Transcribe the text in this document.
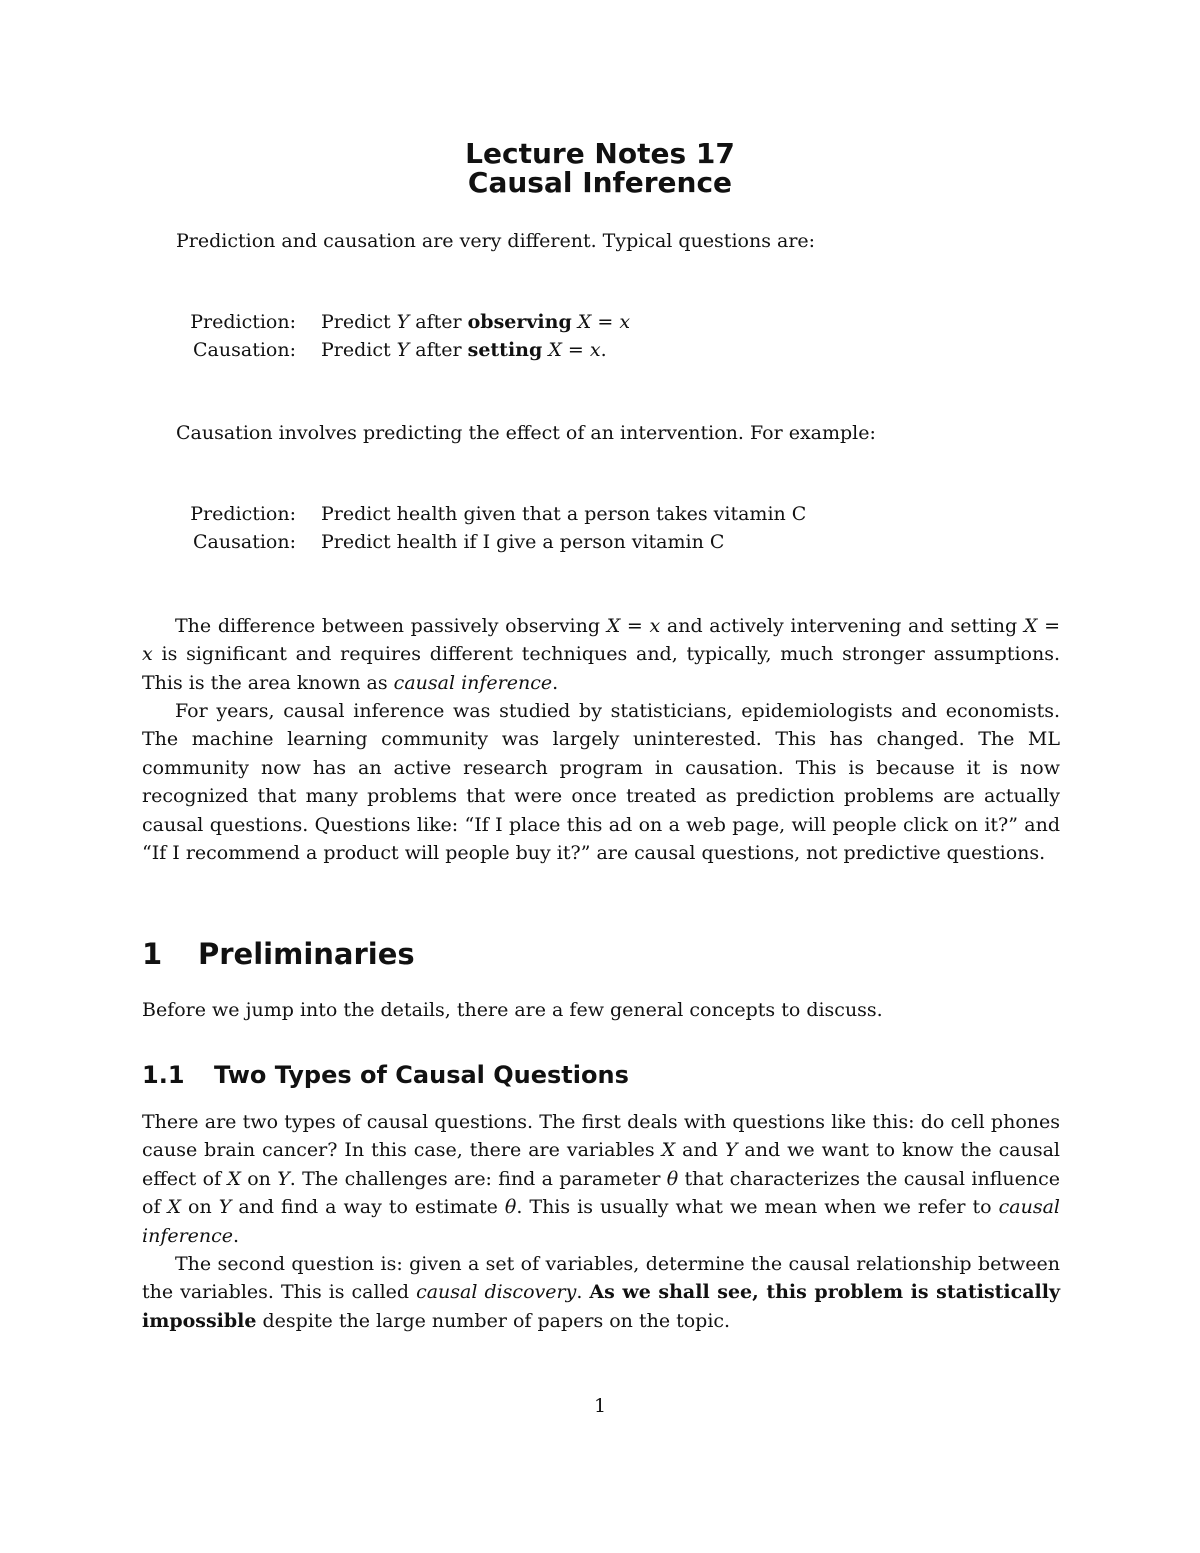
Lecture Notes 17
Causal Inference
Prediction and causation are very different. Typical questions are:
Prediction: Predict Y after observing X = x
Causation: Predict Y after setting X = x.
Causation involves predicting the effect of an intervention. For example:
Prediction: Predict health given that a person takes vitamin C
Causation: Predict health if I give a person vitamin C
The difference between passively observing X = x and actively intervening and setting X = x is significant and requires different techniques and, typically, much stronger assumptions. This is the area known as causal inference.
For years, causal inference was studied by statisticians, epidemiologists and economists. The machine learning community was largely uninterested. This has changed. The ML community now has an active research program in causation. This is because it is now recognized that many problems that were once treated as prediction problems are actually causal questions. Questions like: “If I place this ad on a web page, will people click on it?” and “If I recommend a product will people buy it?” are causal questions, not predictive questions.
1 Preliminaries
Before we jump into the details, there are a few general concepts to discuss.
1.1 Two Types of Causal Questions
There are two types of causal questions. The first deals with questions like this: do cell phones cause brain cancer? In this case, there are variables X and Y and we want to know the causal effect of X on Y. The challenges are: find a parameter θ that characterizes the causal influence of X on Y and find a way to estimate θ. This is usually what we mean when we refer to causal inference.
The second question is: given a set of variables, determine the causal relationship between the variables. This is called causal discovery. As we shall see, this problem is statistically impossible despite the large number of papers on the topic.
1
